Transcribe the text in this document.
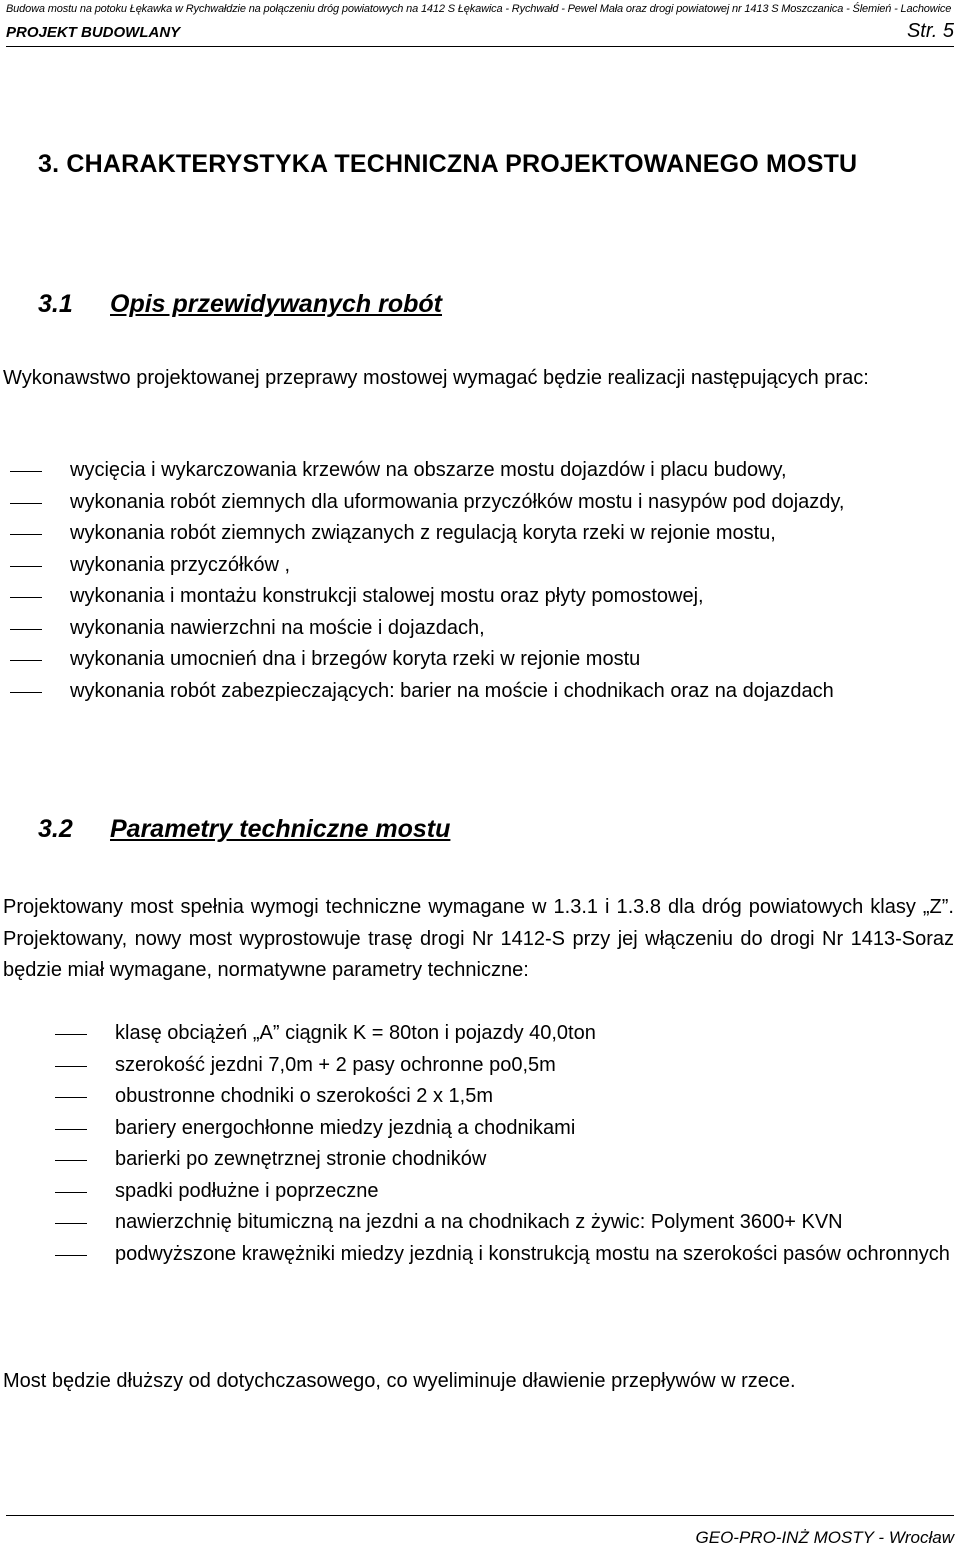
Budowa mostu na potoku Łękawka w Rychwałdzie na połączeniu dróg powiatowych na 1412 S Łękawica - Rychwałd - Pewel Mała oraz drogi powiatowej nr 1413 S Moszczanica - Ślemień - Lachowice
PROJEKT BUDOWLANY	Str. 5
3. CHARAKTERYSTYKA TECHNICZNA PROJEKTOWANEGO MOSTU
3.1 Opis przewidywanych robót
Wykonawstwo projektowanej przeprawy mostowej wymagać będzie realizacji następujących prac:
wycięcia i wykarczowania krzewów na obszarze mostu dojazdów i placu budowy,
wykonania robót ziemnych dla uformowania przyczółków mostu i nasypów pod dojazdy,
wykonania robót ziemnych związanych z regulacją koryta rzeki w rejonie mostu,
wykonania przyczółków ,
wykonania i montażu konstrukcji stalowej mostu oraz płyty pomostowej,
wykonania nawierzchni na moście i dojazdach,
wykonania umocnień dna i brzegów koryta rzeki w rejonie mostu
wykonania robót zabezpieczających: barier na moście i chodnikach oraz na dojazdach
3.2 Parametry techniczne mostu
Projektowany most spełnia wymogi techniczne wymagane w 1.3.1 i 1.3.8 dla dróg powiatowych klasy „Z”. Projektowany, nowy most wyprostowuje trasę drogi Nr 1412-S przy jej włączeniu do drogi Nr 1413-Soraz będzie miał wymagane, normatywne parametry techniczne:
klasę obciążeń „A” ciągnik K = 80ton i pojazdy 40,0ton
szerokość jezdni 7,0m + 2 pasy ochronne po0,5m
obustronne chodniki o szerokości 2 x 1,5m
bariery energochłonne miedzy jezdnią a chodnikami
barierki po zewnętrznej stronie chodników
spadki podłużne i poprzeczne
nawierzchnię bitumiczną na jezdni a na chodnikach z żywic: Polyment 3600+ KVN
podwyższone krawężniki miedzy jezdnią i konstrukcją mostu na szerokości pasów ochronnych
Most będzie dłuższy od dotychczasowego, co wyeliminuje dławienie przepływów w rzece.
GEO-PRO-INŻ MOSTY - Wrocław
